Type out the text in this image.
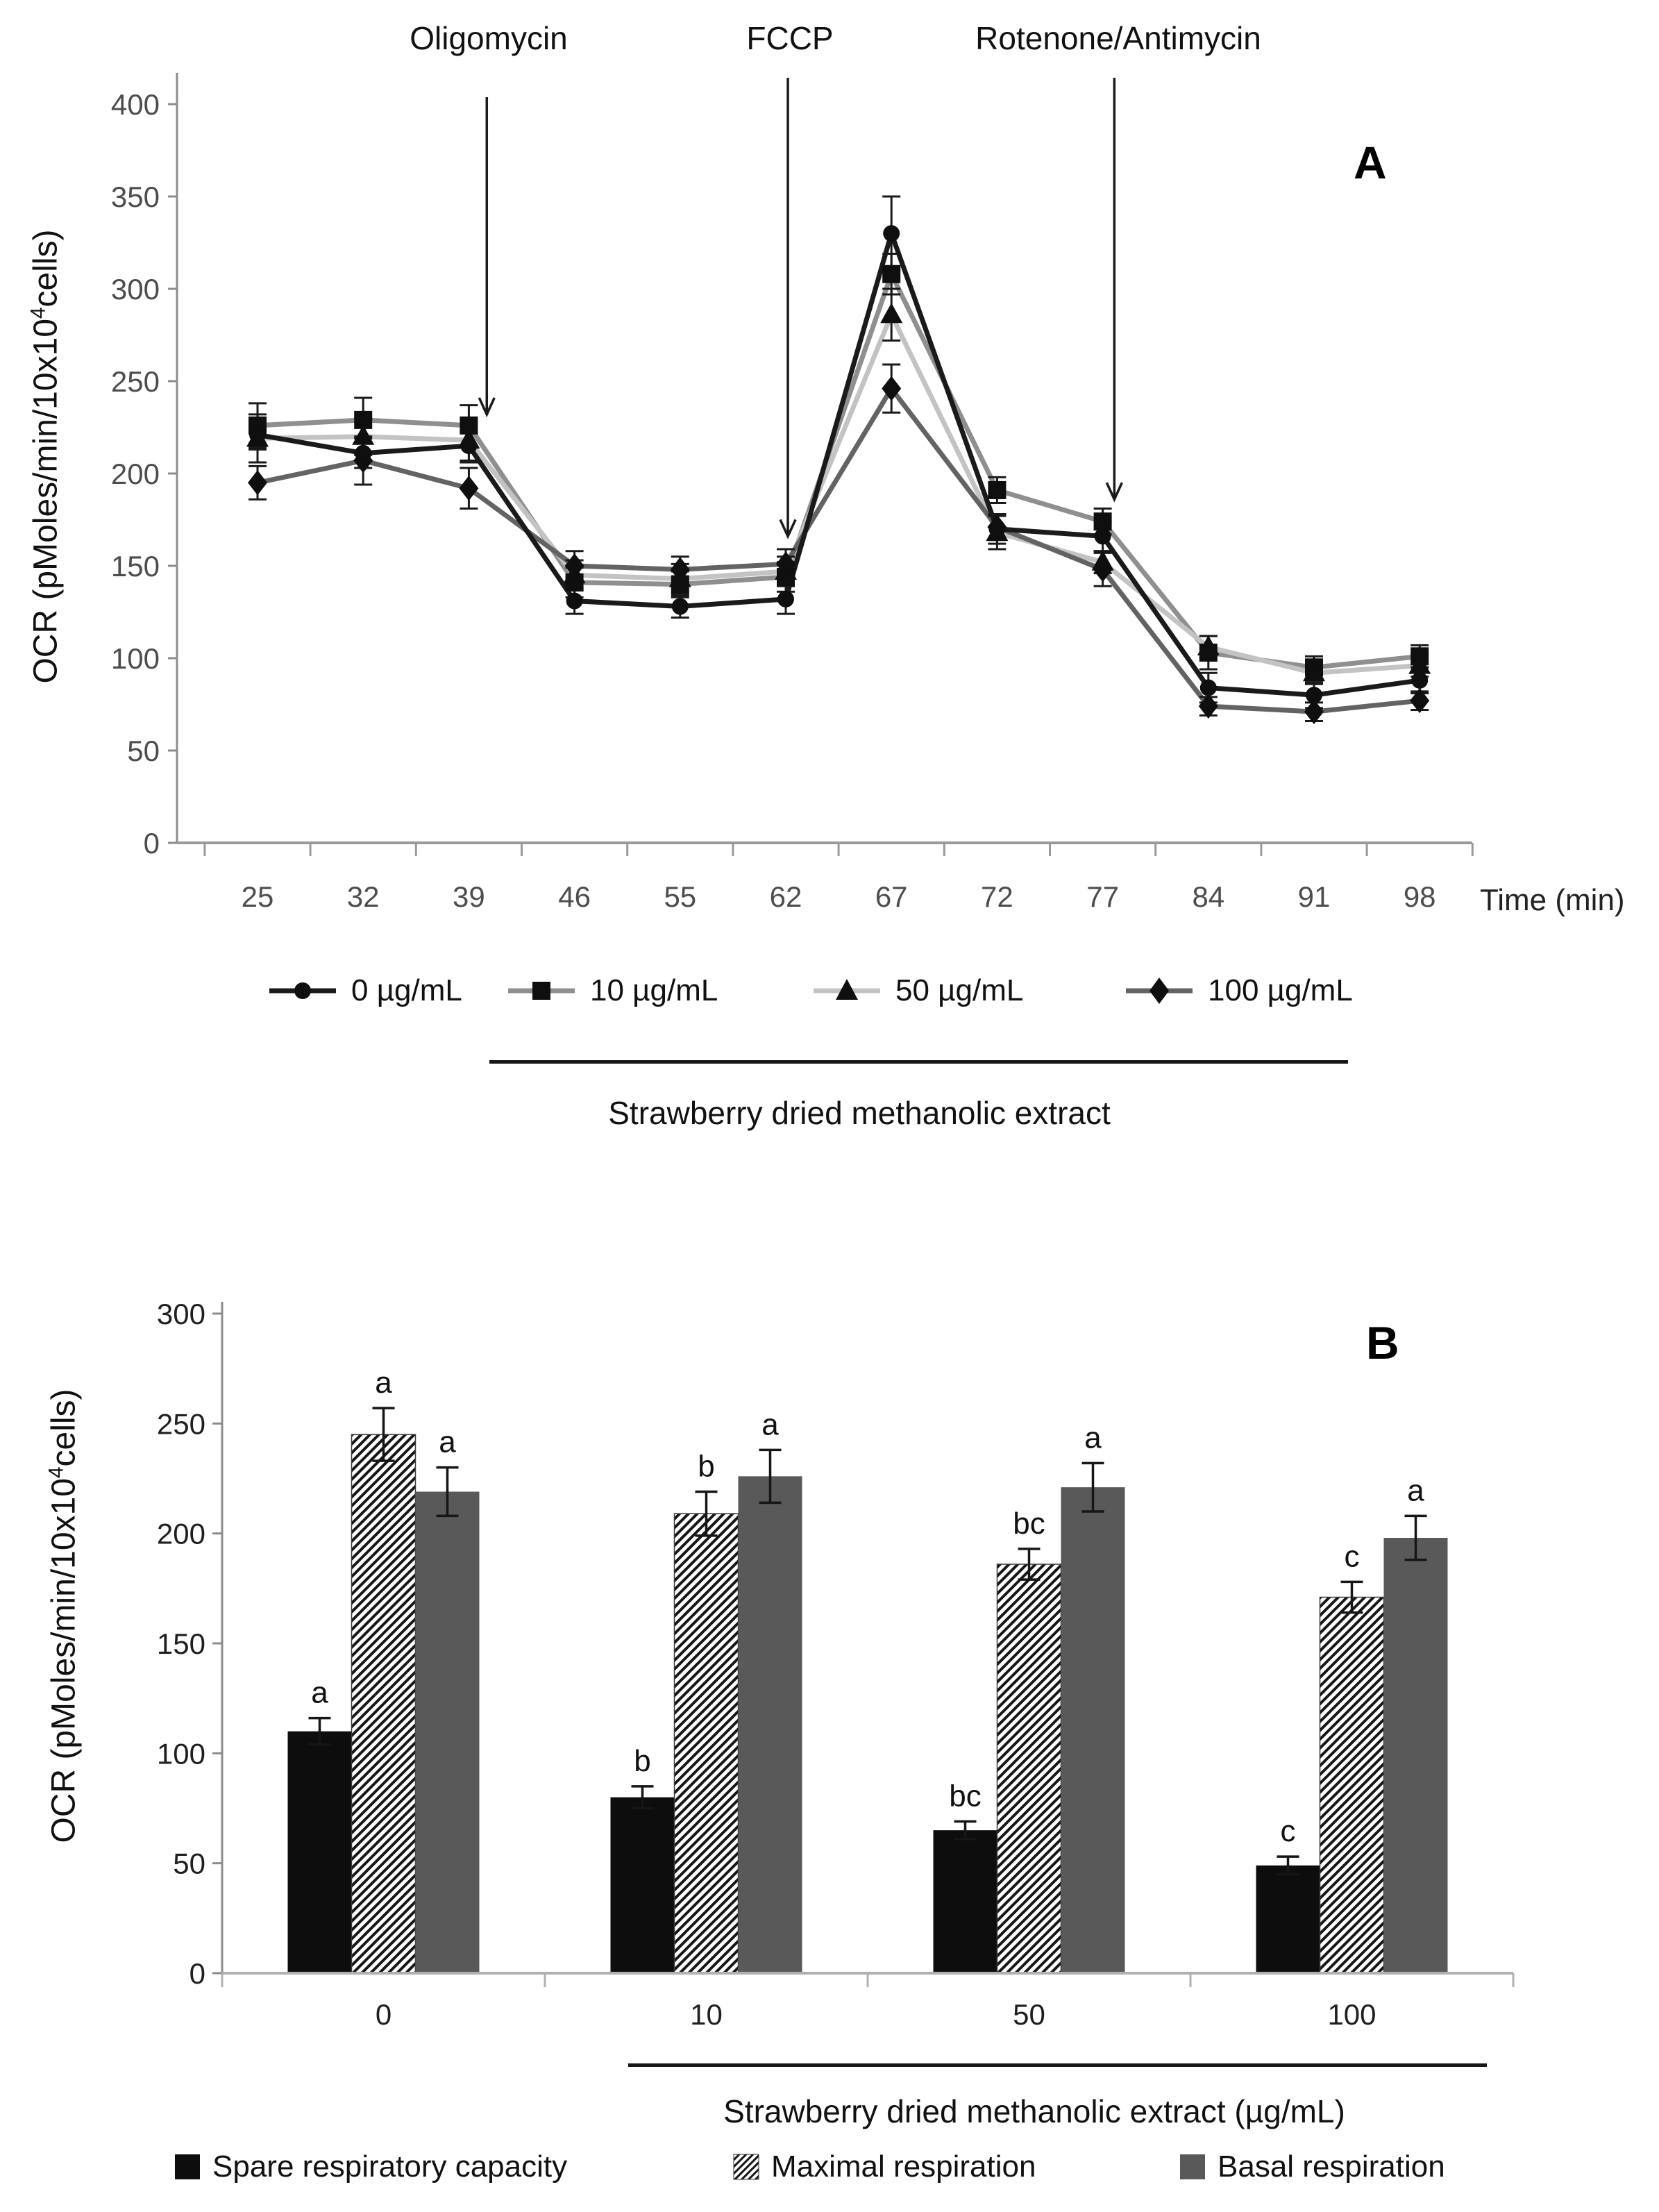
0
50
100
150
200
250
300
350
400
25	32	39	46	55	62	67	72	77	84	91	98
Oligomycin	FCCP	Rotenone/Antimycin
A
OCR $(pMoles/\min/10x10^4cells)$
Time (min)
0 µg/mL	10 µg/mL	50 µg/mL	100 µg/mL
Strawberry dried methanolic extract
0
50
100
150
200
250
300
a
b
bc
c
a
b
bc
c
a
a	a
a
0	10	50	100
B
OCR $(pMoles/\min/10x10^4cells)$
Strawberry dried methanolic extract (µg/mL)
Spare respiratory capacity	Maximal respiration	Basal respiration
